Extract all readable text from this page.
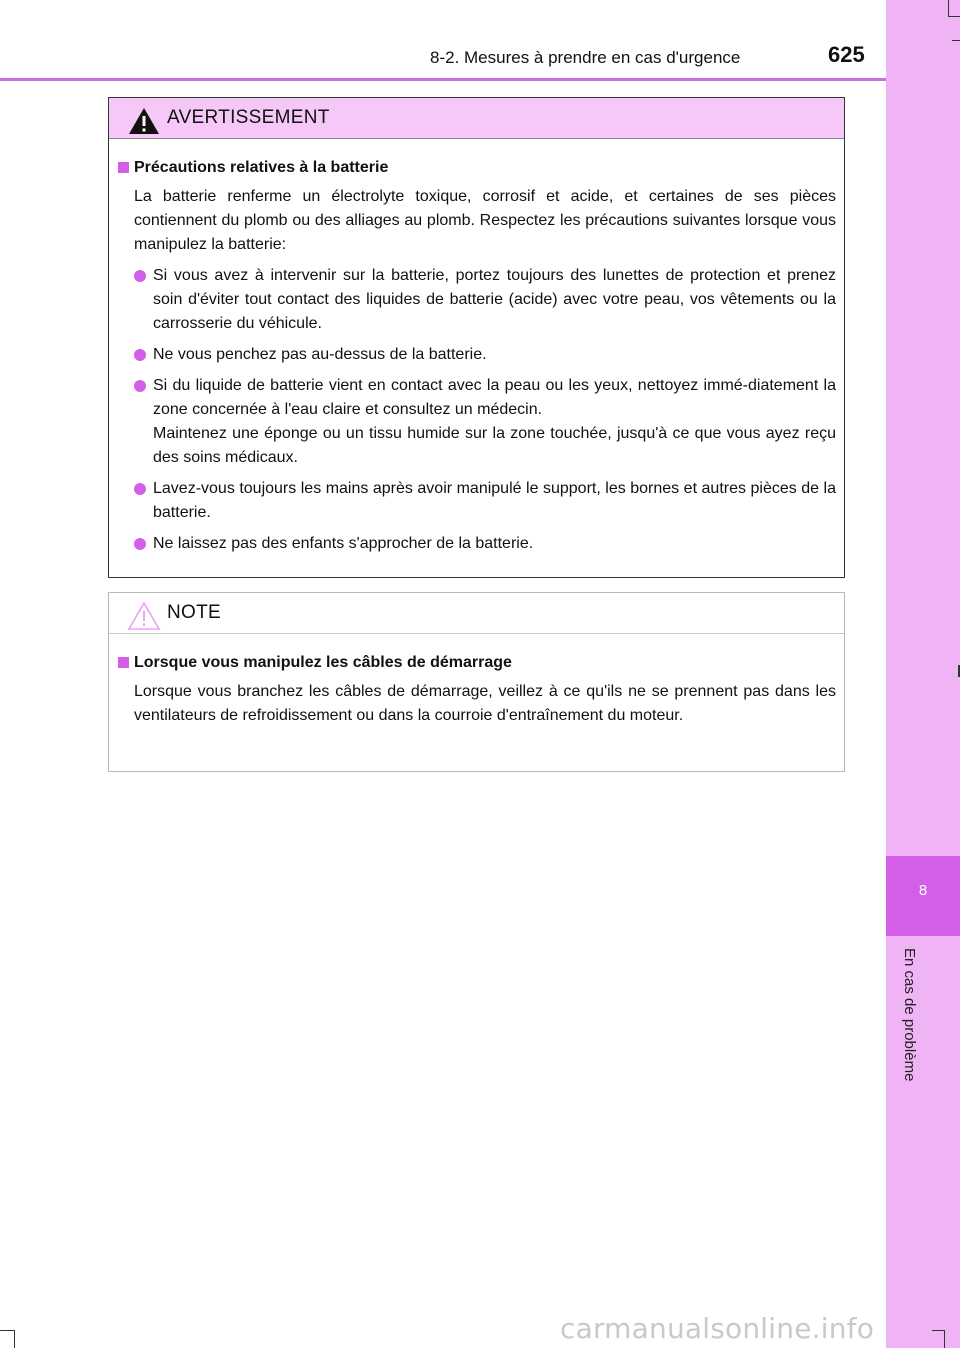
8-2. Mesures à prendre en cas d'urgence	625
8
En cas de problème
AVERTISSEMENT
Précautions relatives à la batterie
La batterie renferme un électrolyte toxique, corrosif et acide, et certaines de ses pièces contiennent du plomb ou des alliages au plomb. Respectez les précautions suivantes lorsque vous manipulez la batterie:

Si vous avez à intervenir sur la batterie, portez toujours des lunettes de protection et prenez soin d'éviter tout contact des liquides de batterie (acide) avec votre peau, vos vêtements ou la carrosserie du véhicule.

Ne vous penchez pas au-dessus de la batterie.

Si du liquide de batterie vient en contact avec la peau ou les yeux, nettoyez immé-diatement la zone concernée à l'eau claire et consultez un médecin.

Maintenez une éponge ou un tissu humide sur la zone touchée, jusqu'à ce que vous ayez reçu des soins médicaux.

Lavez-vous toujours les mains après avoir manipulé le support, les bornes et autres pièces de la batterie.

Ne laissez pas des enfants s'approcher de la batterie.

NOTE
Lorsque vous manipulez les câbles de démarrage
Lorsque vous branchez les câbles de démarrage, veillez à ce qu'ils ne se prennent pas dans les ventilateurs de refroidissement ou dans la courroie d'entraînement du moteur.
carmanualsonline.info
